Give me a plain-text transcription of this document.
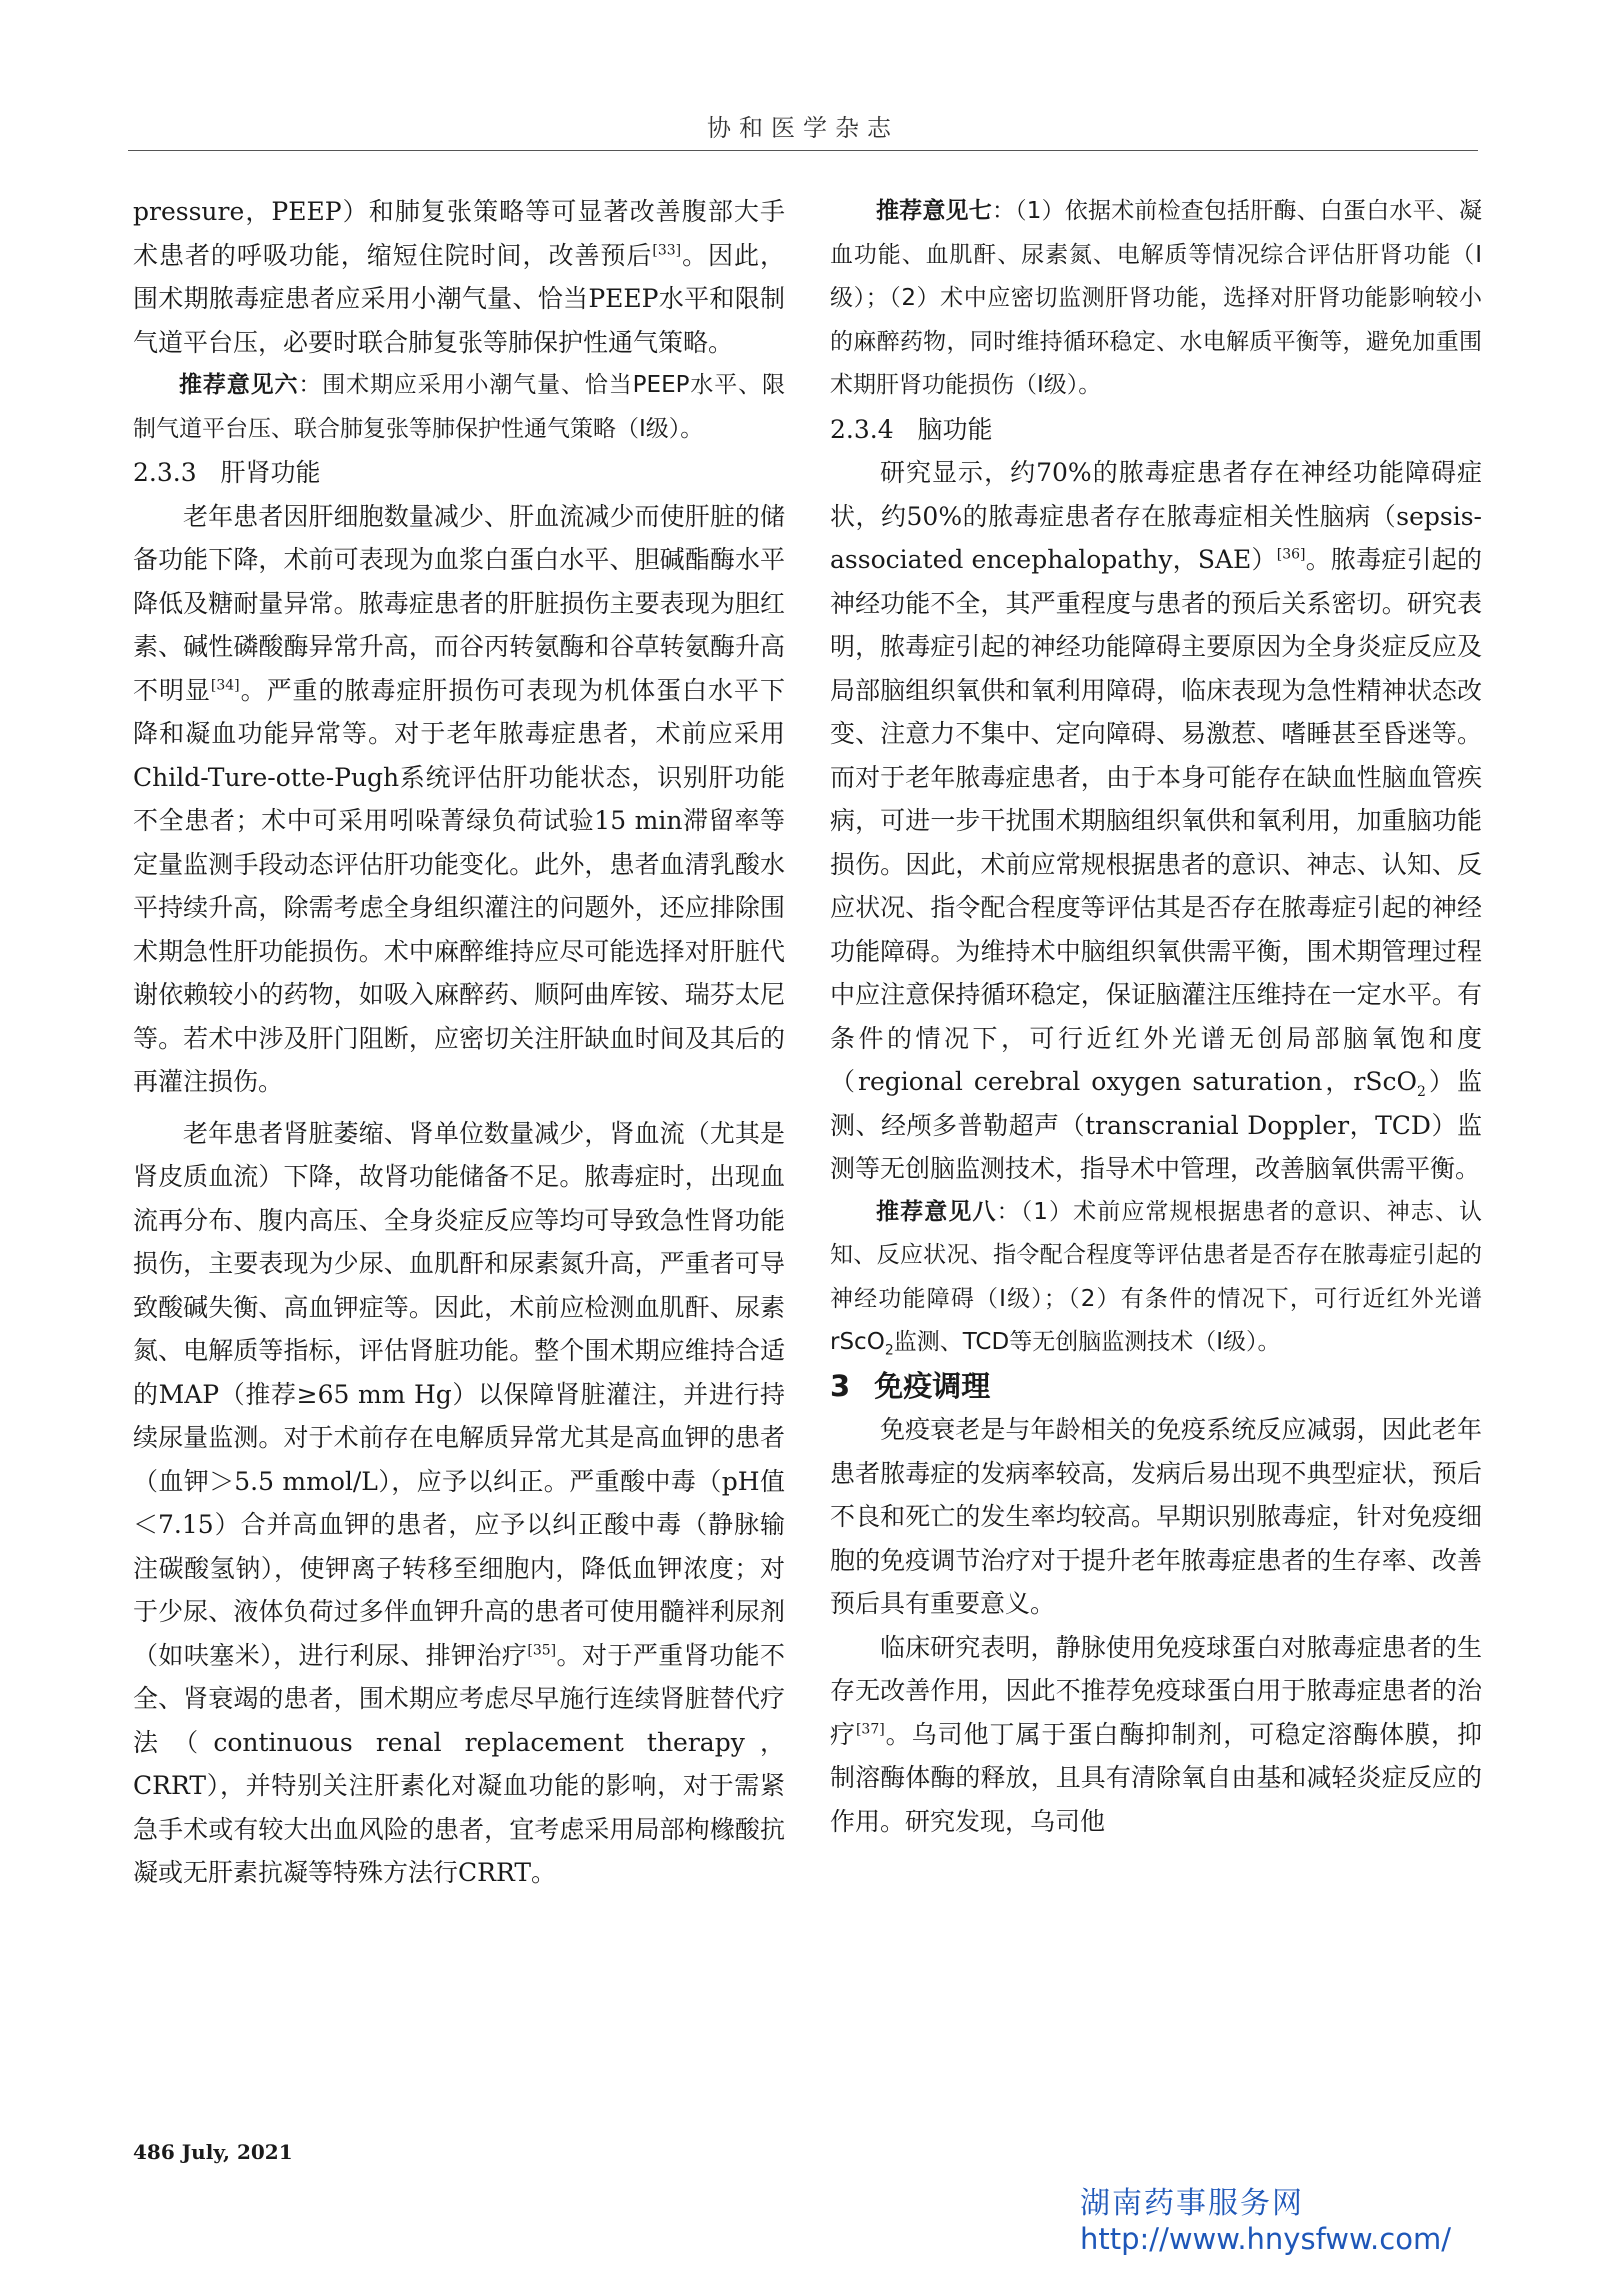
协和医学杂志

pressure，PEEP）和肺复张策略等可显著改善腹部大手术患者的呼吸功能，缩短住院时间，改善预后[33]。因此，围术期脓毒症患者应采用小潮气量、恰当PEEP水平和限制气道平台压，必要时联合肺复张等肺保护性通气策略。

推荐意见六：围术期应采用小潮气量、恰当PEEP水平、限制气道平台压、联合肺复张等肺保护性通气策略（Ⅰ级）。

2.3.3 肝肾功能

老年患者因肝细胞数量减少、肝血流减少而使肝脏的储备功能下降，术前可表现为血浆白蛋白水平、胆碱酯酶水平降低及糖耐量异常。脓毒症患者的肝脏损伤主要表现为胆红素、碱性磷酸酶异常升高，而谷丙转氨酶和谷草转氨酶升高不明显[34]。严重的脓毒症肝损伤可表现为机体蛋白水平下降和凝血功能异常等。对于老年脓毒症患者，术前应采用Child-Ture-otte-Pugh系统评估肝功能状态，识别肝功能不全患者；术中可采用吲哚菁绿负荷试验15 min滞留率等定量监测手段动态评估肝功能变化。此外，患者血清乳酸水平持续升高，除需考虑全身组织灌注的问题外，还应排除围术期急性肝功能损伤。术中麻醉维持应尽可能选择对肝脏代谢依赖较小的药物，如吸入麻醉药、顺阿曲库铵、瑞芬太尼等。若术中涉及肝门阻断，应密切关注肝缺血时间及其后的再灌注损伤。

老年患者肾脏萎缩、肾单位数量减少，肾血流（尤其是肾皮质血流）下降，故肾功能储备不足。脓毒症时，出现血流再分布、腹内高压、全身炎症反应等均可导致急性肾功能损伤，主要表现为少尿、血肌酐和尿素氮升高，严重者可导致酸碱失衡、高血钾症等。因此，术前应检测血肌酐、尿素氮、电解质等指标，评估肾脏功能。整个围术期应维持合适的MAP（推荐≥65 mm Hg）以保障肾脏灌注，并进行持续尿量监测。对于术前存在电解质异常尤其是高血钾的患者（血钾＞5.5 mmol/L），应予以纠正。严重酸中毒（pH值＜7.15）合并高血钾的患者，应予以纠正酸中毒（静脉输注碳酸氢钠），使钾离子转移至细胞内，降低血钾浓度；对于少尿、液体负荷过多伴血钾升高的患者可使用髓袢利尿剂（如呋塞米），进行利尿、排钾治疗[35]。对于严重肾功能不全、肾衰竭的患者，围术期应考虑尽早施行连续肾脏替代疗法（continuous renal replacement therapy，CRRT），并特别关注肝素化对凝血功能的影响，对于需紧急手术或有较大出血风险的患者，宜考虑采用局部枸橼酸抗凝或无肝素抗凝等特殊方法行CRRT。

推荐意见七：（1）依据术前检查包括肝酶、白蛋白水平、凝血功能、血肌酐、尿素氮、电解质等情况综合评估肝肾功能（Ⅰ级）；（2）术中应密切监测肝肾功能，选择对肝肾功能影响较小的麻醉药物，同时维持循环稳定、水电解质平衡等，避免加重围术期肝肾功能损伤（Ⅰ级）。

2.3.4 脑功能

研究显示，约70%的脓毒症患者存在神经功能障碍症状，约50%的脓毒症患者存在脓毒症相关性脑病（sepsis-associated encephalopathy，SAE）[36]。脓毒症引起的神经功能不全，其严重程度与患者的预后关系密切。研究表明，脓毒症引起的神经功能障碍主要原因为全身炎症反应及局部脑组织氧供和氧利用障碍，临床表现为急性精神状态改变、注意力不集中、定向障碍、易激惹、嗜睡甚至昏迷等。而对于老年脓毒症患者，由于本身可能存在缺血性脑血管疾病，可进一步干扰围术期脑组织氧供和氧利用，加重脑功能损伤。因此，术前应常规根据患者的意识、神志、认知、反应状况、指令配合程度等评估其是否存在脓毒症引起的神经功能障碍。为维持术中脑组织氧供需平衡，围术期管理过程中应注意保持循环稳定，保证脑灌注压维持在一定水平。有条件的情况下，可行近红外光谱无创局部脑氧饱和度（regional cerebral oxygen saturation，rScO$_2$）监测、经颅多普勒超声（transcranial Doppler，TCD）监测等无创脑监测技术，指导术中管理，改善脑氧供需平衡。

推荐意见八：（1）术前应常规根据患者的意识、神志、认知、反应状况、指令配合程度等评估患者是否存在脓毒症引起的神经功能障碍（Ⅰ级）；（2）有条件的情况下，可行近红外光谱rScO$_2$监测、TCD等无创脑监测技术（Ⅰ级）。

3 免疫调理

免疫衰老是与年龄相关的免疫系统反应减弱，因此老年患者脓毒症的发病率较高，发病后易出现不典型症状，预后不良和死亡的发生率均较高。早期识别脓毒症，针对免疫细胞的免疫调节治疗对于提升老年脓毒症患者的生存率、改善预后具有重要意义。

临床研究表明，静脉使用免疫球蛋白对脓毒症患者的生存无改善作用，因此不推荐免疫球蛋白用于脓毒症患者的治疗[37]。乌司他丁属于蛋白酶抑制剂，可稳定溶酶体膜，抑制溶酶体酶的释放，且具有清除氧自由基和减轻炎症反应的作用。研究发现，乌司他

486 July, 2021
湖南药事服务网
http://www.hnysfww.com/
